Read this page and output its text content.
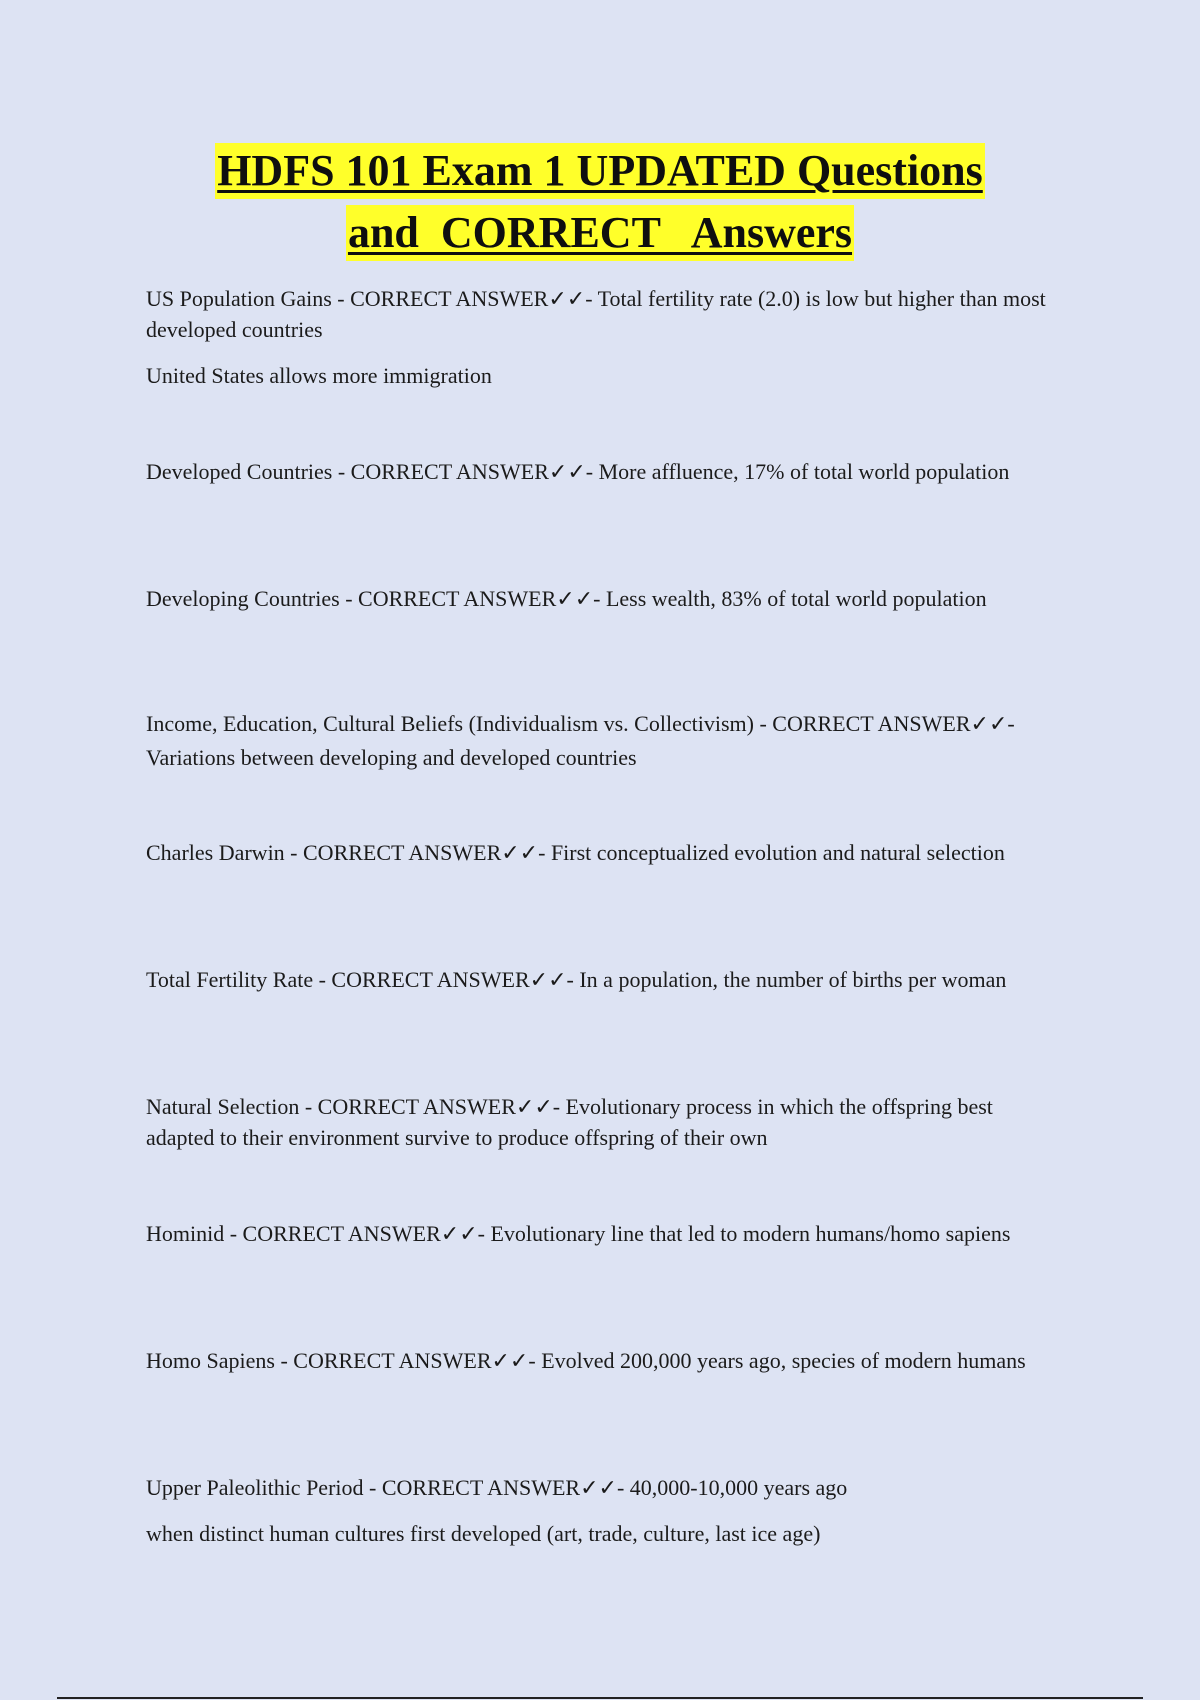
HDFS 101 Exam 1 UPDATED Questions
and  CORRECT   Answers

US Population Gains - CORRECT ANSWER✓✓- Total fertility rate (2.0) is low but higher than most developed countries

United States allows more immigration

Developed Countries - CORRECT ANSWER✓✓- More affluence, 17% of total world population

Developing Countries - CORRECT ANSWER✓✓- Less wealth, 83% of total world population

Income, Education, Cultural Beliefs (Individualism vs. Collectivism) - CORRECT ANSWER✓✓- Variations between developing and developed countries

Charles Darwin - CORRECT ANSWER✓✓- First conceptualized evolution and natural selection

Total Fertility Rate - CORRECT ANSWER✓✓- In a population, the number of births per woman

Natural Selection - CORRECT ANSWER✓✓- Evolutionary process in which the offspring best adapted to their environment survive to produce offspring of their own

Hominid - CORRECT ANSWER✓✓- Evolutionary line that led to modern humans/homo sapiens

Homo Sapiens - CORRECT ANSWER✓✓- Evolved 200,000 years ago, species of modern humans

Upper Paleolithic Period - CORRECT ANSWER✓✓- 40,000-10,000 years ago

when distinct human cultures first developed (art, trade, culture, last ice age)
